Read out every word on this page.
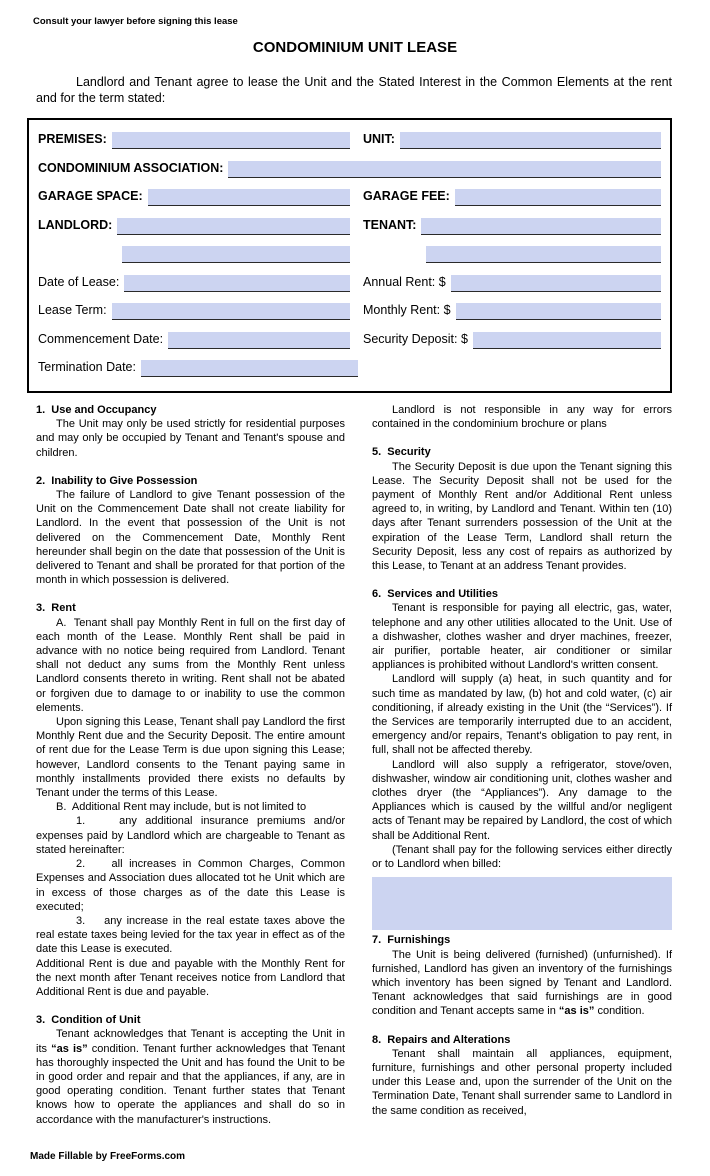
Consult your lawyer before signing this lease
CONDOMINIUM UNIT LEASE

Landlord and Tenant agree to lease the Unit and the Stated Interest in the Common Elements at the rent and for the term stated:

PREMISES:	UNIT:
CONDOMINIUM ASSOCIATION:
GARAGE SPACE:	GARAGE FEE:
LANDLORD:	TENANT:
Date of Lease:	Annual Rent: $
Lease Term:	Monthly Rent: $
Commencement Date:	Security Deposit: $
Termination Date:
1.  Use and Occupancy

The Unit may only be used strictly for residential purposes and may only be occupied by Tenant and Tenant's spouse and children.

2.  Inability to Give Possession

The failure of Landlord to give Tenant possession of the Unit on the Commencement Date shall not create liability for Landlord. In the event that possession of the Unit is not delivered on the Commencement Date, Monthly Rent hereunder shall begin on the date that possession of the Unit is delivered to Tenant and shall be prorated for that portion of the month in which possession is delivered.

3.  Rent

A.  Tenant shall pay Monthly Rent in full on the first day of each month of the Lease. Monthly Rent shall be paid in advance with no notice being required from Landlord. Tenant shall not deduct any sums from the Monthly Rent unless Landlord consents thereto in writing. Rent shall not be abated or forgiven due to damage to or inability to use the common elements.

Upon signing this Lease, Tenant shall pay Landlord the first Monthly Rent due and the Security Deposit. The entire amount of rent due for the Lease Term is due upon signing this Lease; however, Landlord consents to the Tenant paying same in monthly installments provided there exists no defaults by Tenant under the terms of this Lease.

B.  Additional Rent may include, but is not limited to

1.    any additional insurance premiums and/or expenses paid by Landlord which are chargeable to Tenant as stated hereinafter:

2.    all increases in Common Charges, Common Expenses and Association dues allocated tot he Unit which are in excess of those charges as of the date this Lease is executed;

3.    any increase in the real estate taxes above the real estate taxes being levied for the tax year in effect as of the date this Lease is executed.

Additional Rent is due and payable with the Monthly Rent for the next month after Tenant receives notice from Landlord that Additional Rent is due and payable.

3.  Condition of Unit

Tenant acknowledges that Tenant is accepting the Unit in its “as is” condition. Tenant further acknowledges that Tenant has thoroughly inspected the Unit and has found the Unit to be in good order and repair and that the appliances, if any, are in good operating condition. Tenant further states that Tenant knows how to operate the appliances and shall do so in accordance with the manufacturer's instructions.

Landlord is not responsible in any way for errors contained in the condominium brochure or plans

5.  Security

The Security Deposit is due upon the Tenant signing this Lease. The Security Deposit shall not be used for the payment of Monthly Rent and/or Additional Rent unless agreed to, in writing, by Landlord and Tenant. Within ten (10) days after Tenant surrenders possession of the Unit at the expiration of the Lease Term, Landlord shall return the Security Deposit, less any cost of repairs as authorized by this Lease, to Tenant at an address Tenant provides.

6.  Services and Utilities

Tenant is responsible for paying all electric, gas, water, telephone and any other utilities allocated to the Unit. Use of a dishwasher, clothes washer and dryer machines, freezer, air purifier, portable heater, air conditioner or similar appliances is prohibited without Landlord's written consent.

Landlord will supply (a) heat, in such quantity and for such time as mandated by law, (b) hot and cold water, (c) air conditioning, if already existing in the Unit (the “Services”). If the Services are temporarily interrupted due to an accident, emergency and/or repairs, Tenant's obligation to pay rent, in full, shall not be affected thereby.

Landlord will also supply a refrigerator, stove/oven, dishwasher, window air conditioning unit, clothes washer and clothes dryer (the “Appliances”). Any damage to the Appliances which is caused by the willful and/or negligent acts of Tenant may be repaired by Landlord, the cost of which shall be Additional Rent.

(Tenant shall pay for the following services either directly or to Landlord when billed:

7.  Furnishings

The Unit is being delivered (furnished) (unfurnished). If furnished, Landlord has given an inventory of the furnishings which inventory has been signed by Tenant and Landlord. Tenant acknowledges that said furnishings are in good condition and Tenant accepts same in “as is” condition.

8.  Repairs and Alterations

Tenant shall maintain all appliances, equipment, furniture, furnishings and other personal property included under this Lease and, upon the surrender of the Unit on the Termination Date, Tenant shall surrender same to Landlord in the same condition as received,

Made Fillable by FreeForms.com
